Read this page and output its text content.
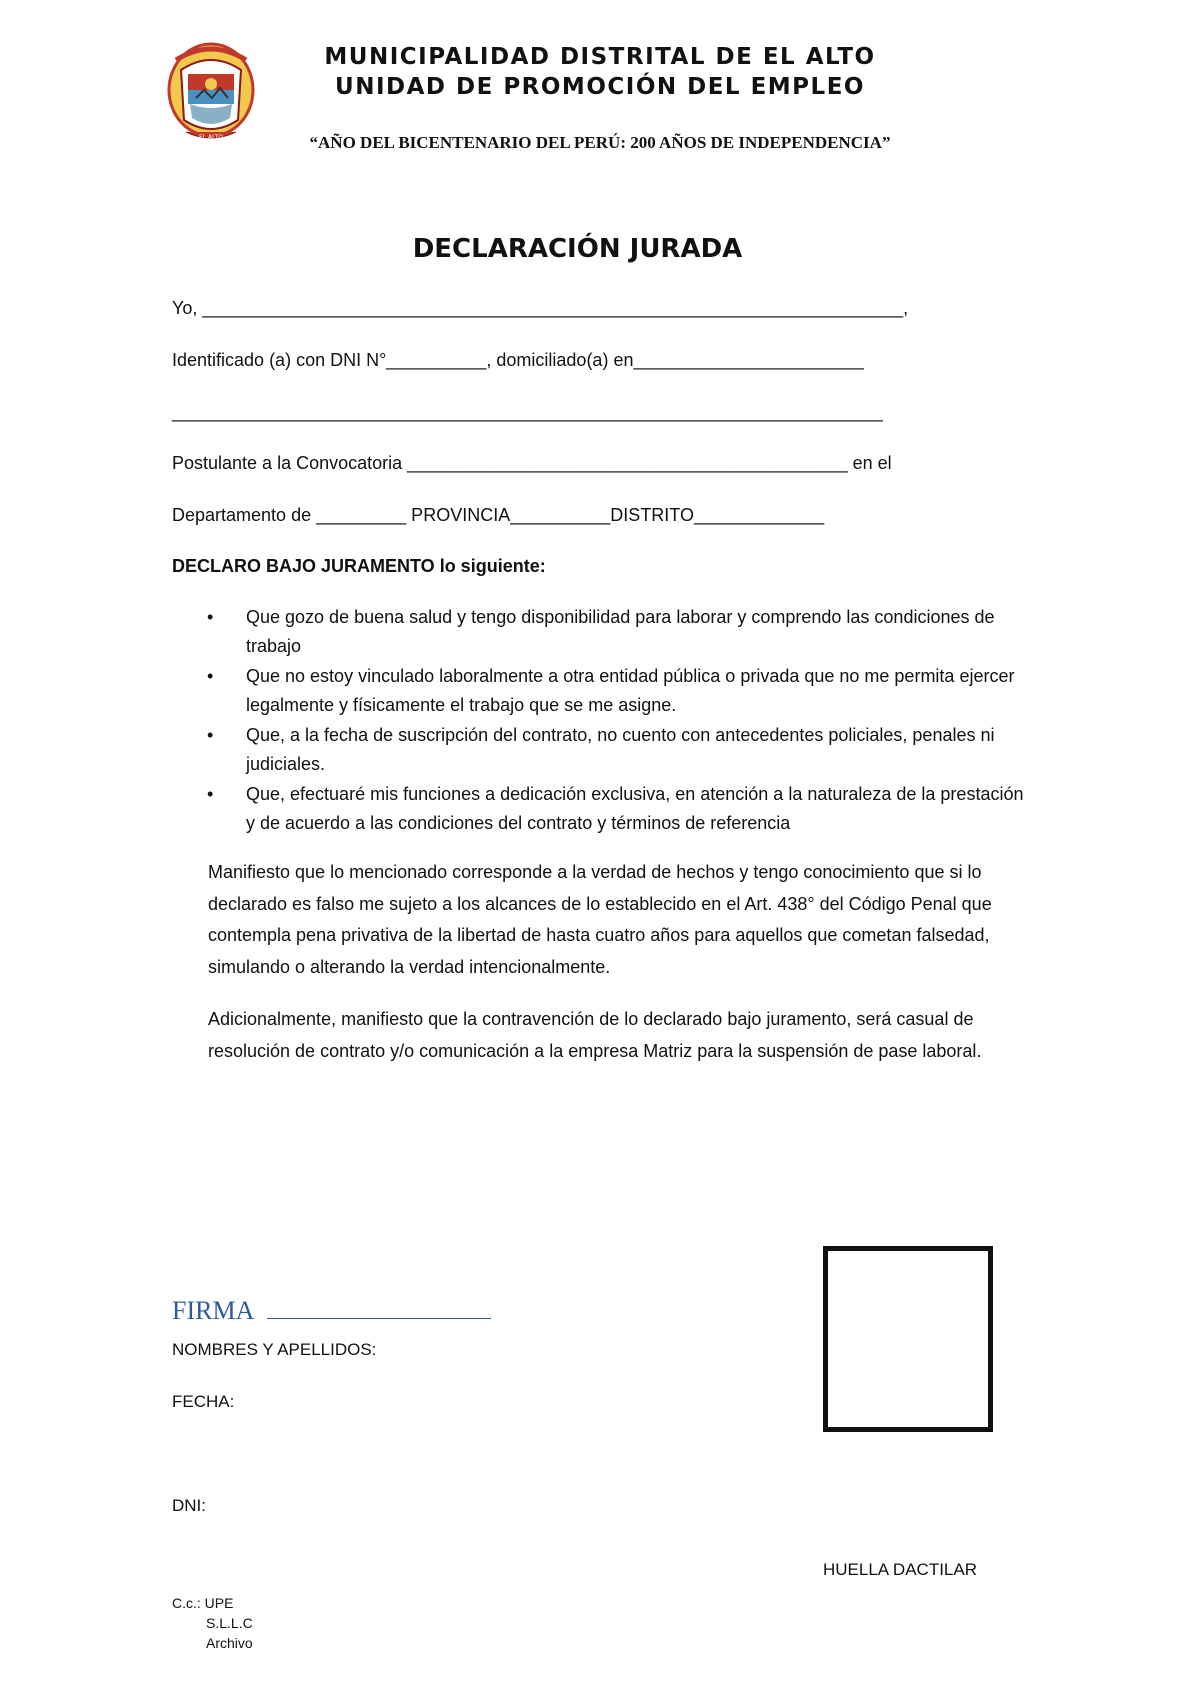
EL ALTO
MUNICIPALIDAD DISTRITAL DE EL ALTO
UNIDAD DE PROMOCIÓN DEL EMPLEO
“AÑO DEL BICENTENARIO DEL PERÚ: 200 AÑOS DE INDEPENDENCIA”
DECLARACIÓN JURADA
Yo, ______________________________________________________________________,
Identificado (a) con DNI N°__________, domiciliado(a) en_______________________
_______________________________________________________________________
Postulante a la Convocatoria ____________________________________________ en el
Departamento de _________ PROVINCIA__________DISTRITO_____________
DECLARO BAJO JURAMENTO lo siguiente:
• Que gozo de buena salud y tengo disponibilidad para laborar y comprendo las condiciones de trabajo
• Que no estoy vinculado laboralmente a otra entidad pública o privada que no me permita ejercer legalmente y físicamente el trabajo que se me asigne.
• Que, a la fecha de suscripción del contrato, no cuento con antecedentes policiales, penales ni judiciales.
• Que, efectuaré mis funciones a dedicación exclusiva, en atención a la naturaleza de la prestación y de acuerdo a las condiciones del contrato y términos de referencia
Manifiesto que lo mencionado corresponde a la verdad de hechos y tengo conocimiento que si lo declarado es falso me sujeto a los alcances de lo establecido en el Art. 438° del Código Penal que contempla pena privativa de la libertad de hasta cuatro años para aquellos que cometan falsedad, simulando o alterando la verdad intencionalmente.
Adicionalmente, manifiesto que la contravención de lo declarado bajo juramento, será casual de resolución de contrato y/o comunicación a la empresa Matriz para la suspensión de pase laboral.
FIRMA
NOMBRES Y APELLIDOS:
FECHA:
DNI:
HUELLA DACTILAR
C.c.: UPE
S.L.L.C
Archivo
